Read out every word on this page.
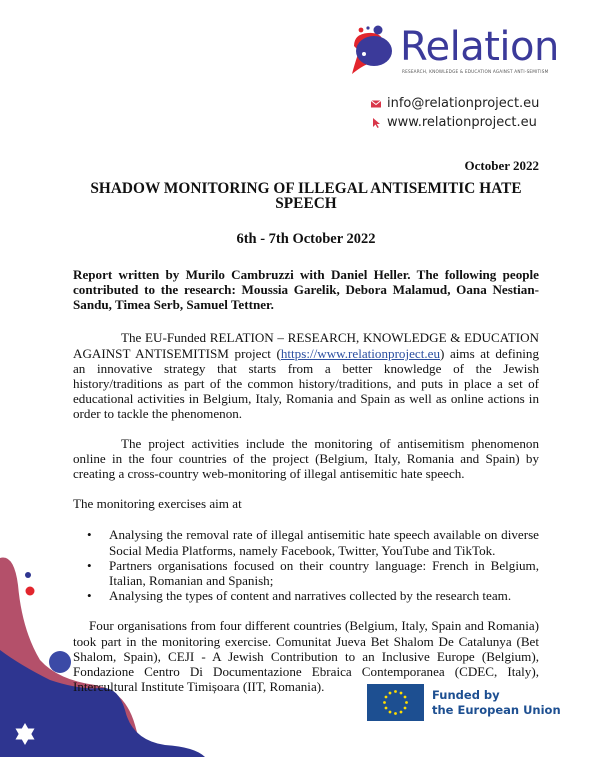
Relation
RESEARCH, KNOWLEDGE & EDUCATION AGAINST ANTI-SEMITISM
info@relationproject.eu
www.relationproject.eu
October 2022
SHADOW MONITORING OF ILLEGAL ANTISEMITIC HATE SPEECH
6th - 7th October 2022

Report written by Murilo Cambruzzi with Daniel Heller. The following people contributed to the research: Moussia Garelik, Debora Malamud, Oana Nestian-Sandu, Timea Serb, Samuel Tettner.

The EU-Funded RELATION – RESEARCH, KNOWLEDGE & EDUCATION AGAINST ANTISEMITISM project (https://www.relationproject.eu) aims at defining an innovative strategy that starts from a better knowledge of the Jewish history/traditions as part of the common history/traditions, and puts in place a set of educational activities in Belgium, Italy, Romania and Spain as well as online actions in order to tackle the phenomenon.

The project activities include the monitoring of antisemitism phenomenon online in the four countries of the project (Belgium, Italy, Romania and Spain) by creating a cross-country web-monitoring of illegal antisemitic hate speech.

The monitoring exercises aim at

• Analysing the removal rate of illegal antisemitic hate speech available on diverse Social Media Platforms, namely Facebook, Twitter, YouTube and TikTok.
• Partners organisations focused on their country language: French in Belgium, Italian, Romanian and Spanish;
• Analysing the types of content and narratives collected by the research team.

Four organisations from four different countries (Belgium, Italy, Spain and Romania) took part in the monitoring exercise. Comunitat Jueva Bet Shalom De Catalunya (Bet Shalom, Spain), CEJI - A Jewish Contribution to an Inclusive Europe (Belgium), Fondazione Centro Di Documentazione Ebraica Contemporanea (CDEC, Italy), Intercultural Institute Timișoara (IIT, Romania).

Funded by
the European Union
